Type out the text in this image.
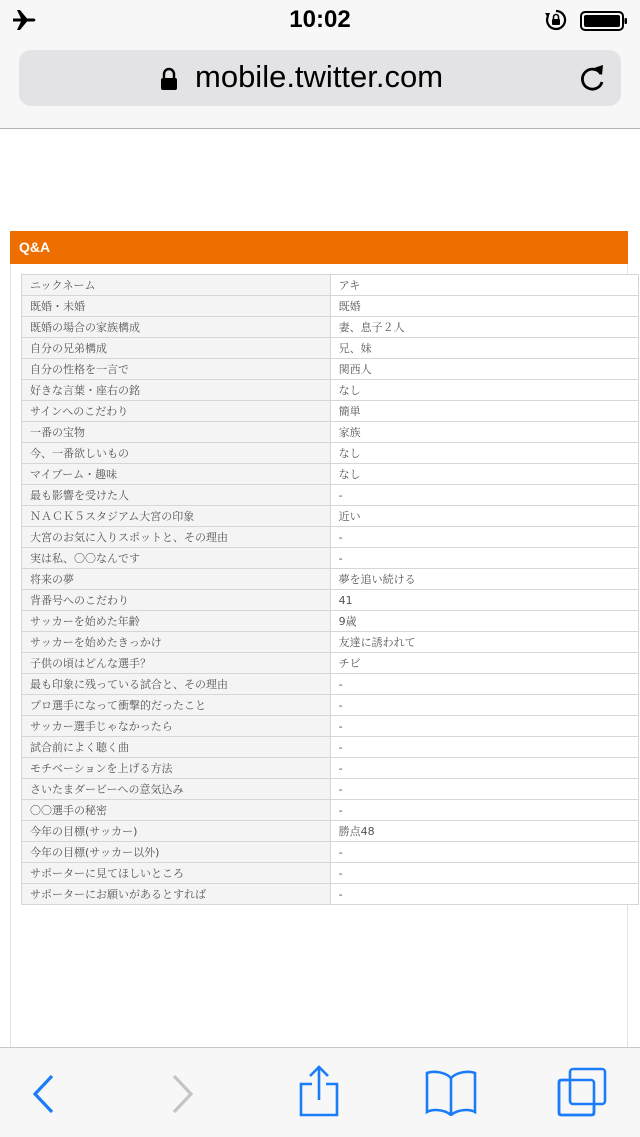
10:02
mobile.twitter.com
Q&A
ニックネーム	アキ
既婚・未婚	既婚
既婚の場合の家族構成	妻、息子２人
自分の兄弟構成	兄、妹
自分の性格を一言で	関西人
好きな言葉・座右の銘	なし
サインへのこだわり	簡単
一番の宝物	家族
今、一番欲しいもの	なし
マイブーム・趣味	なし
最も影響を受けた人	-
ＮＡＣＫ５スタジアム大宮の印象	近い
大宮のお気に入りスポットと、その理由	-
実は私、〇〇なんです	-
将来の夢	夢を追い続ける
背番号へのこだわり	41
サッカーを始めた年齢	9歳
サッカーを始めたきっかけ	友達に誘われて
子供の頃はどんな選手？	チビ
最も印象に残っている試合と、その理由	-
プロ選手になって衝撃的だったこと	-
サッカー選手じゃなかったら	-
試合前によく聴く曲	-
モチベーションを上げる方法	-
さいたまダービーへの意気込み	-
〇〇選手の秘密	-
今年の目標(サッカー)	勝点48
今年の目標(サッカー以外)	-
サポーターに見てほしいところ	-
サポーターにお願いがあるとすれば	-
